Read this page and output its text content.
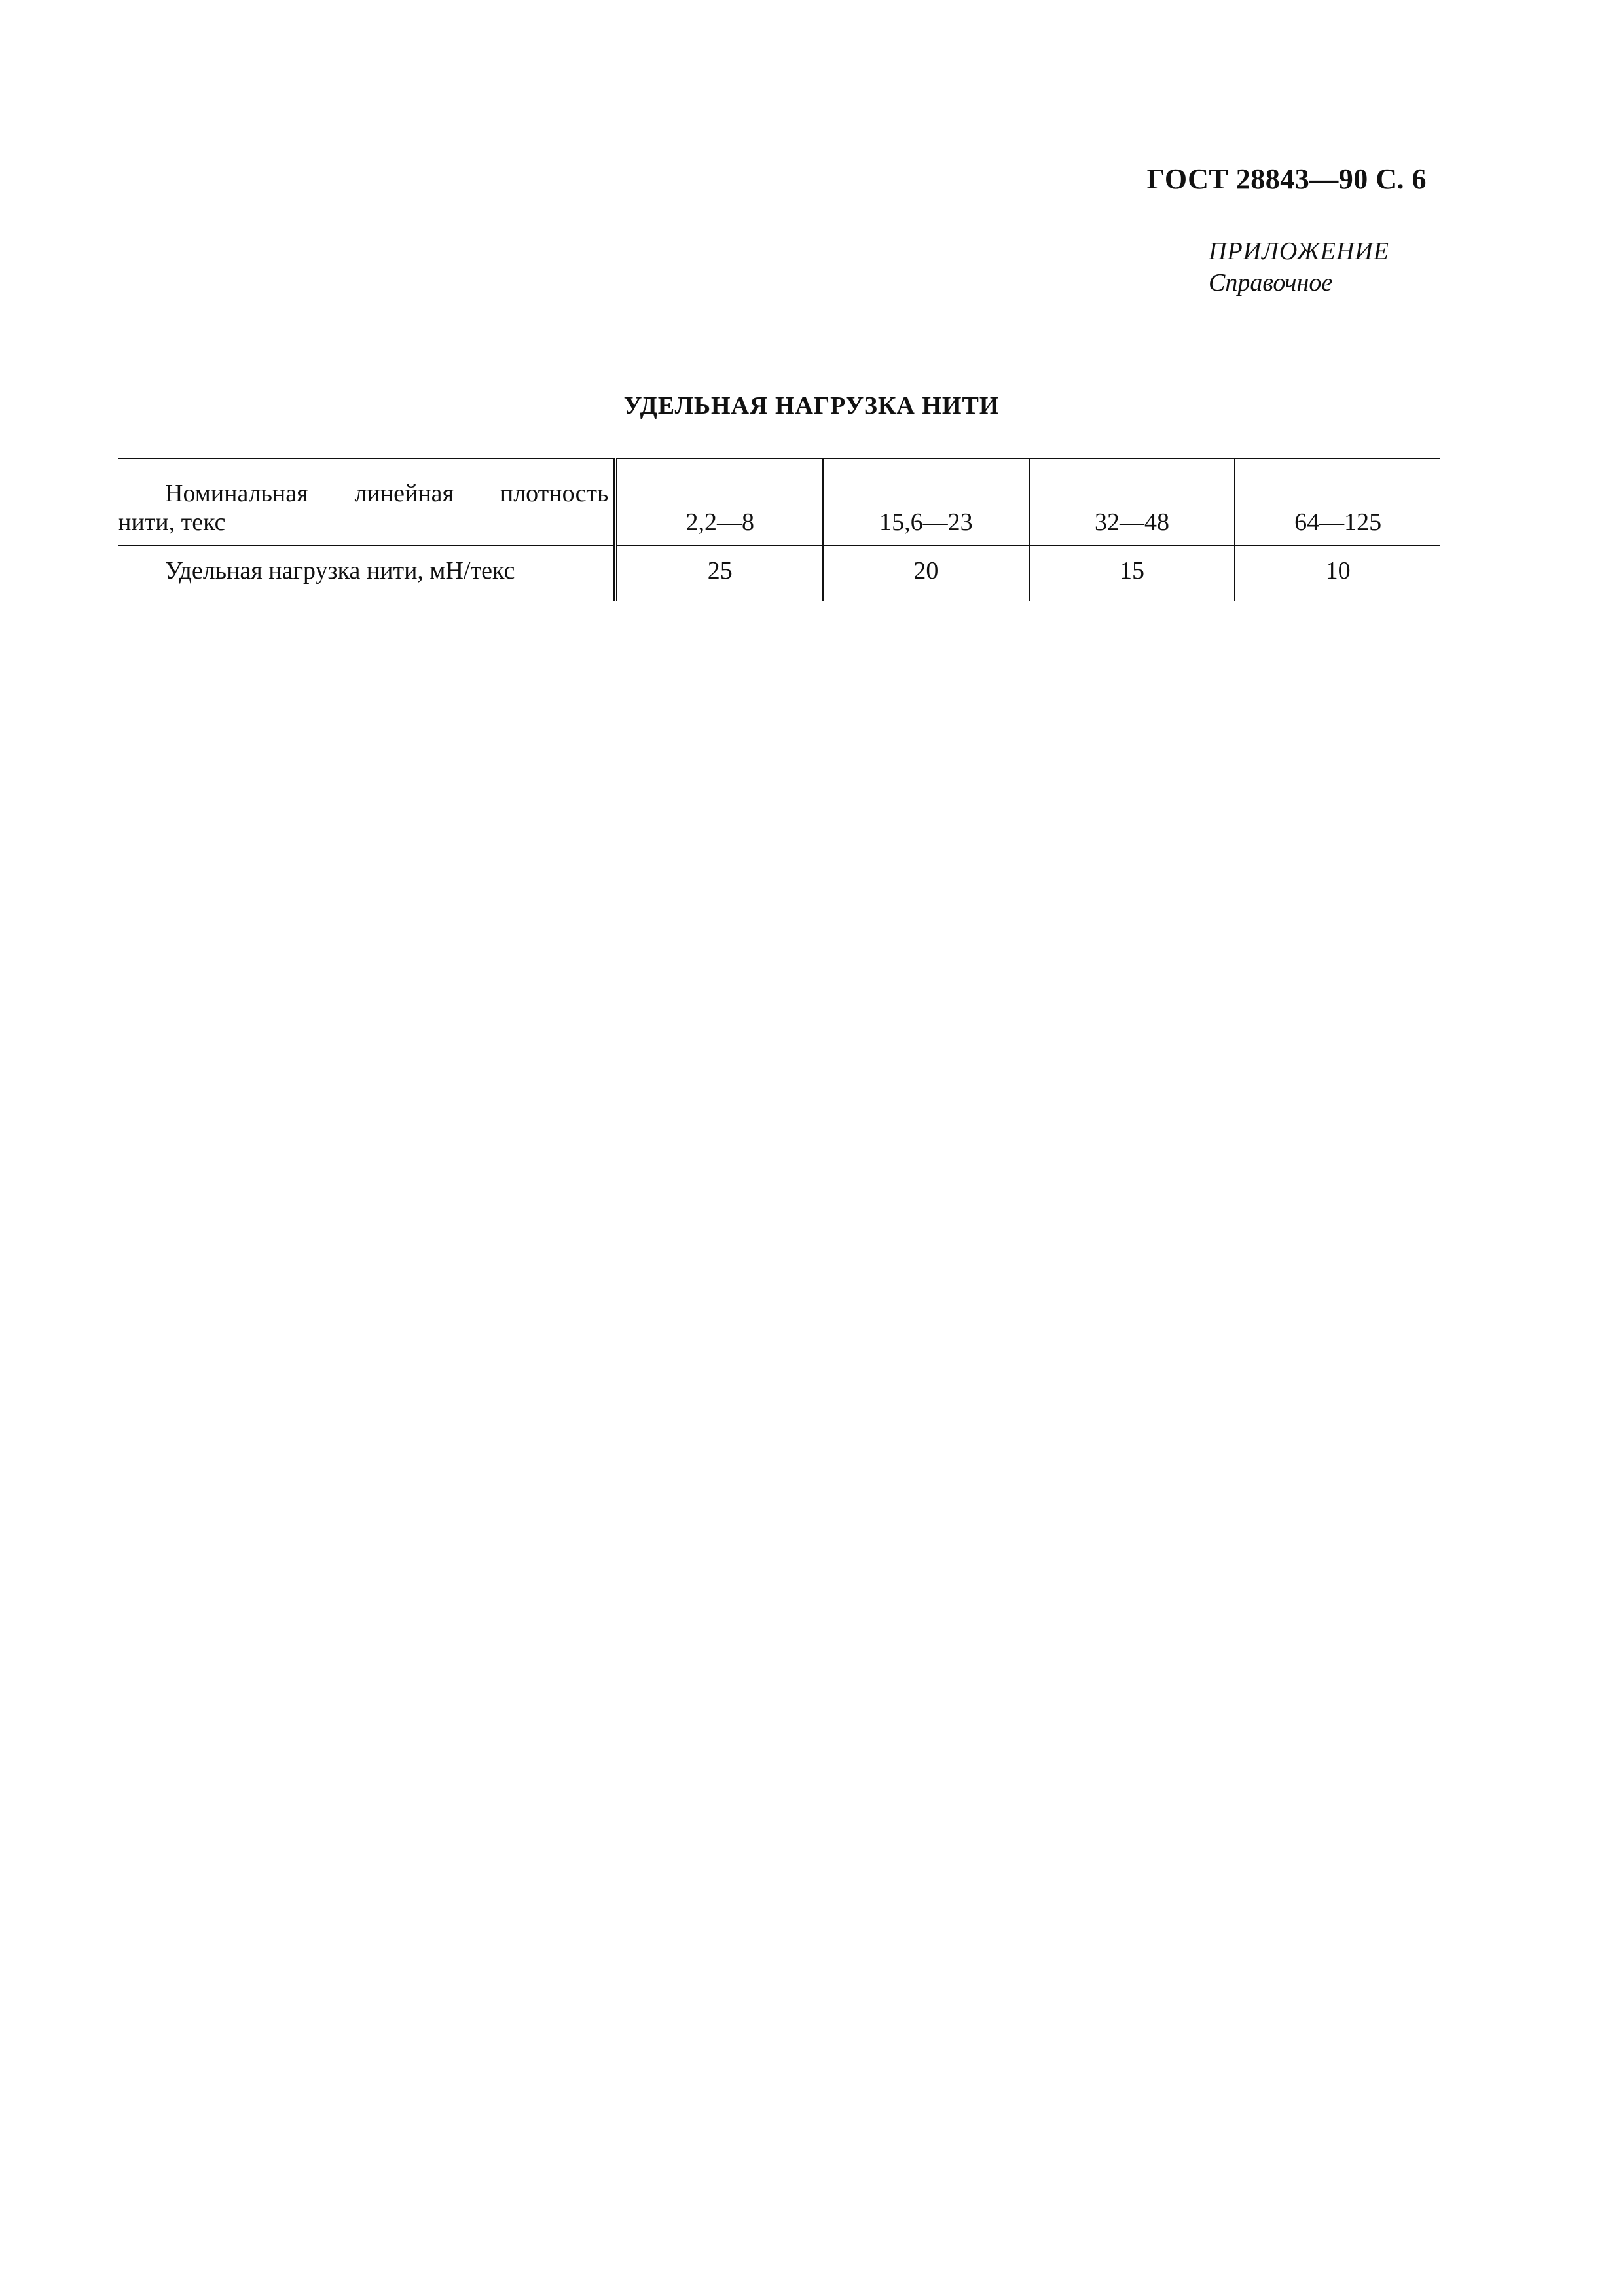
ГОСТ 28843—90 С. 6
ПРИЛОЖЕНИЕ
Справочное
УДЕЛЬНАЯ НАГРУЗКА НИТИ
Номинальная линейная плотность
нити, текс	2,2—8	15,6—23	32—48	64—125
Удельная нагрузка нити, мН/текс	25	20	15	10
